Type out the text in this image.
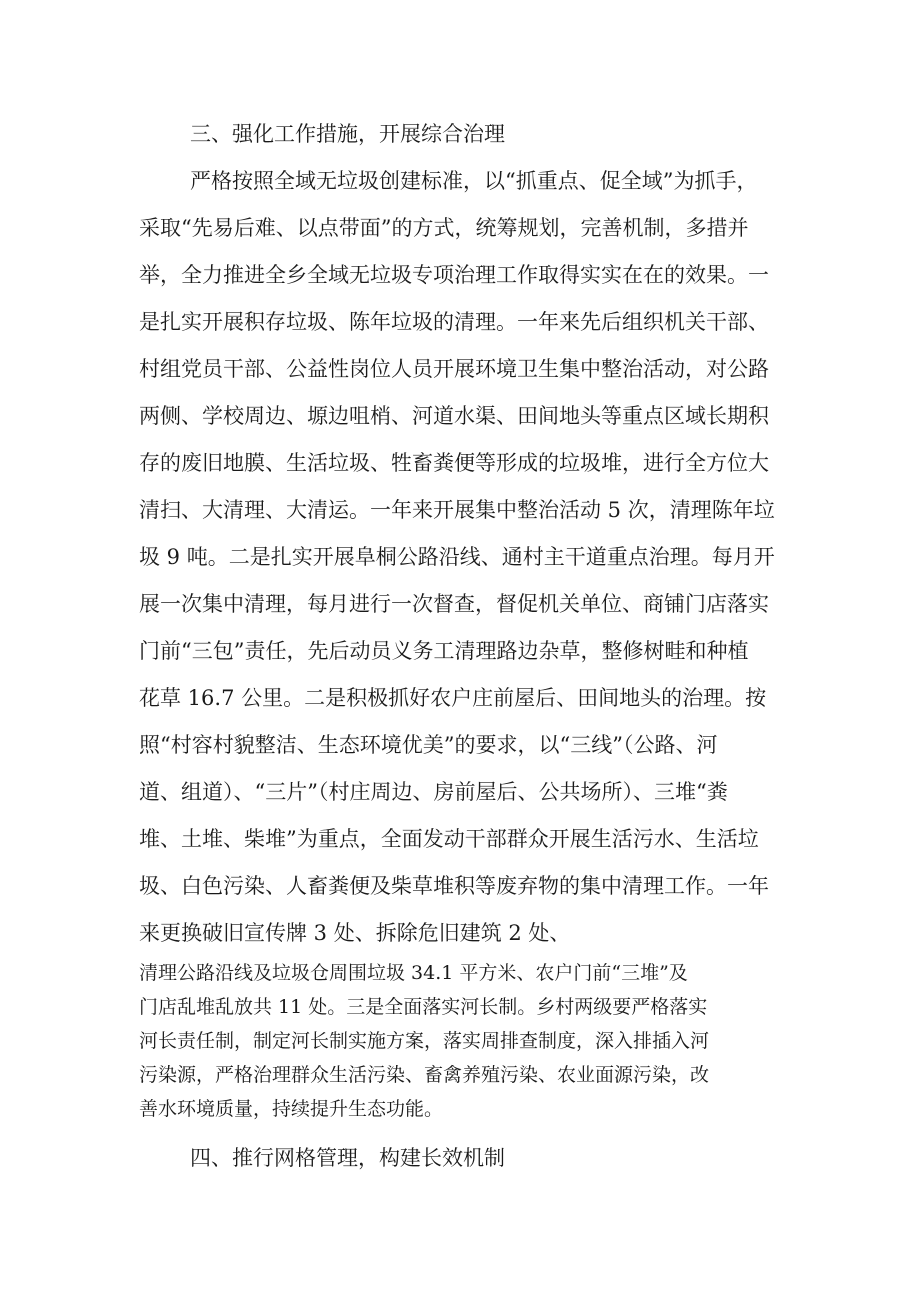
三、强化工作措施，开展综合治理
严格按照全域无垃圾创建标准，以“抓重点、促全域”为抓手，
采取“先易后难、以点带面”的方式，统筹规划，完善机制，多措并
举，全力推进全乡全域无垃圾专项治理工作取得实实在在的效果。一
是扎实开展积存垃圾、陈年垃圾的清理。一年来先后组织机关干部、
村组党员干部、公益性岗位人员开展环境卫生集中整治活动，对公路
两侧、学校周边、塬边咀梢、河道水渠、田间地头等重点区域长期积
存的废旧地膜、生活垃圾、牲畜粪便等形成的垃圾堆，进行全方位大
清扫、大清理、大清运。一年来开展集中整治活动 5 次，清理陈年垃
圾 9 吨。二是扎实开展阜桐公路沿线、通村主干道重点治理。每月开
展一次集中清理，每月进行一次督查，督促机关单位、商铺门店落实
门前“三包”责任，先后动员义务工清理路边杂草，整修树畦和种植
花草 16.7 公里。二是积极抓好农户庄前屋后、田间地头的治理。按
照“村容村貌整洁、生态环境优美”的要求，以“三线”（公路、河
道、组道）、“三片”（村庄周边、房前屋后、公共场所）、三堆“粪
堆、土堆、柴堆”为重点，全面发动干部群众开展生活污水、生活垃
圾、白色污染、人畜粪便及柴草堆积等废弃物的集中清理工作。一年
来更换破旧宣传牌 3 处、拆除危旧建筑 2 处、
清理公路沿线及垃圾仓周围垃圾 34.1 平方米、农户门前“三堆”及
门店乱堆乱放共 11 处。三是全面落实河长制。乡村两级要严格落实
河长责任制，制定河长制实施方案，落实周排查制度，深入排插入河
污染源，严格治理群众生活污染、畜禽养殖污染、农业面源污染，改
善水环境质量，持续提升生态功能。
四、推行网格管理，构建长效机制
